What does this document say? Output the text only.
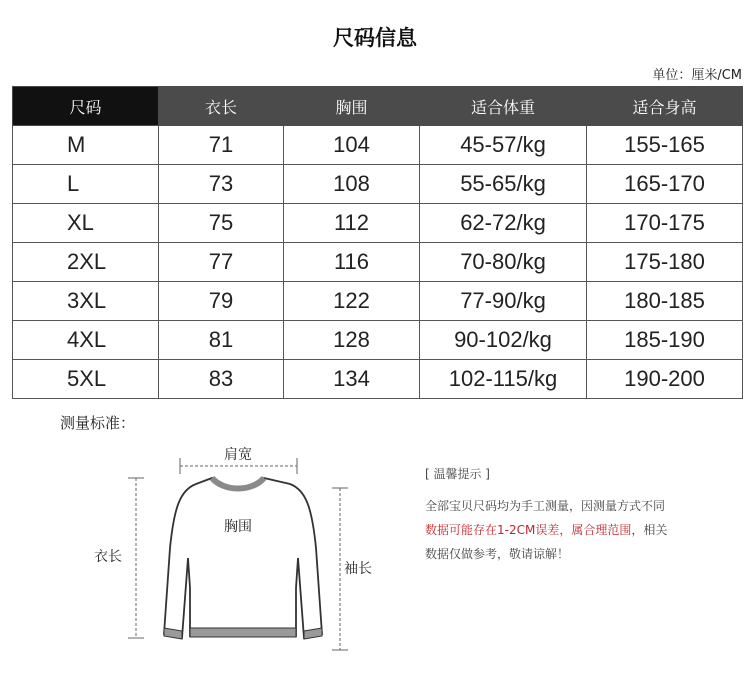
尺码信息
单位：厘米/CM
尺码	衣长	胸围	适合体重	适合身高
M	71	104	45-57/kg	155-165
L	73	108	55-65/kg	165-170
XL	75	112	62-72/kg	170-175
2XL	77	116	70-80/kg	175-180
3XL	79	122	77-90/kg	180-185
4XL	81	128	90-102/kg	185-190
5XL	83	134	102-115/kg	190-200
测量标准：
肩宽
胸围
衣长
袖长
[ 温馨提示 ]
全部宝贝尺码均为手工测量，因测量方式不同
数据可能存在1-2CM误差，属合理范围，相关
数据仅做参考，敬请谅解！
